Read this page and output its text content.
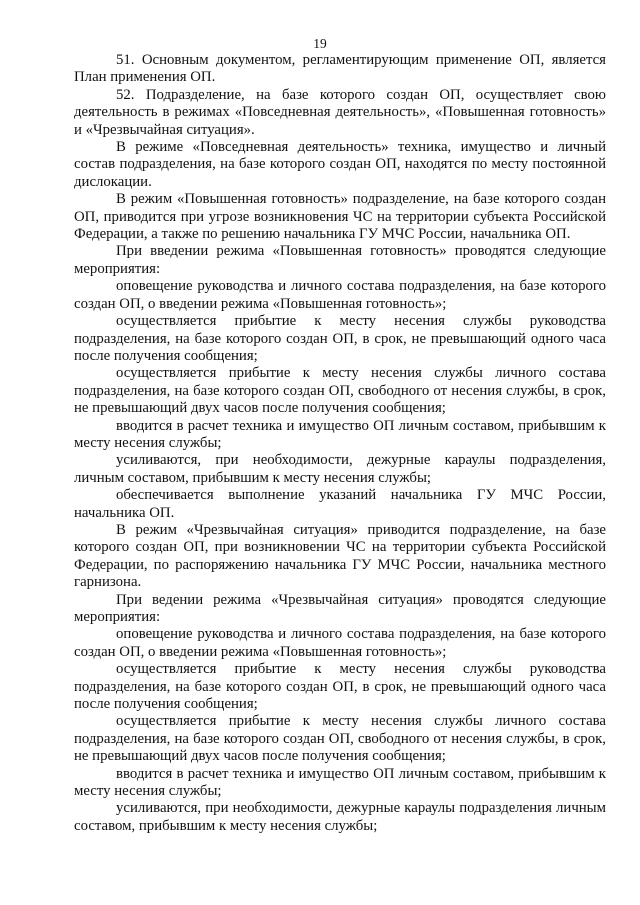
19

51. Основным документом, регламентирующим применение ОП, является План применения ОП.

52. Подразделение, на базе которого создан ОП, осуществляет свою деятельность в режимах «Повседневная деятельность», «Повышенная готовность» и «Чрезвычайная ситуация».

В режиме «Повседневная деятельность» техника, имущество и личный состав подразделения, на базе которого создан ОП, находятся по месту постоянной дислокации.

В режим «Повышенная готовность» подразделение, на базе которого создан ОП, приводится при угрозе возникновения ЧС на территории субъекта Российской Федерации, а также по решению начальника ГУ МЧС России, начальника ОП.

При введении режима «Повышенная готовность» проводятся следующие мероприятия:

оповещение руководства и личного состава подразделения, на базе которого создан ОП, о введении режима «Повышенная готовность»;

осуществляется прибытие к месту несения службы руководства подразделения, на базе которого создан ОП, в срок, не превышающий одного часа после получения сообщения;

осуществляется прибытие к месту несения службы личного состава подразделения, на базе которого создан ОП, свободного от несения службы, в срок, не превышающий двух часов после получения сообщения;

вводится в расчет техника и имущество ОП личным составом, прибывшим к месту несения службы;

усиливаются, при необходимости, дежурные караулы подразделения, личным составом, прибывшим к месту несения службы;

обеспечивается выполнение указаний начальника ГУ МЧС России, начальника ОП.

В режим «Чрезвычайная ситуация» приводится подразделение, на базе которого создан ОП, при возникновении ЧС на территории субъекта Российской Федерации, по распоряжению начальника ГУ МЧС России, начальника местного гарнизона.

При ведении режима «Чрезвычайная ситуация» проводятся следующие мероприятия:

оповещение руководства и личного состава подразделения, на базе которого создан ОП, о введении режима «Повышенная готовность»;

осуществляется прибытие к месту несения службы руководства подразделения, на базе которого создан ОП, в срок, не превышающий одного часа после получения сообщения;

осуществляется прибытие к месту несения службы личного состава подразделения, на базе которого создан ОП, свободного от несения службы, в срок, не превышающий двух часов после получения сообщения;

вводится в расчет техника и имущество ОП личным составом, прибывшим к месту несения службы;

усиливаются, при необходимости, дежурные караулы подразделения личным составом, прибывшим к месту несения службы;
